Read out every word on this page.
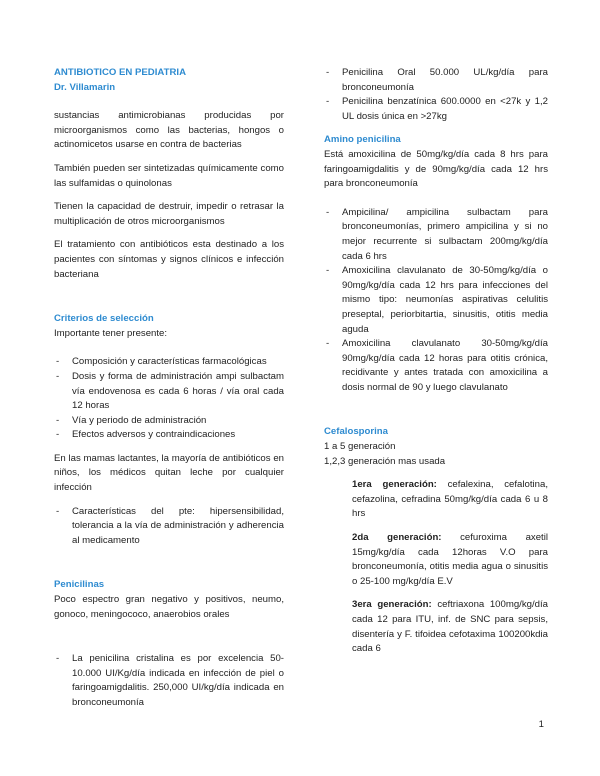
ANTIBIOTICO EN PEDIATRIA
Dr. Villamarin

sustancias antimicrobianas producidas por microorganismos como las bacterias, hongos o actinomicetos usarse en contra de bacterias

También pueden ser sintetizadas químicamente como las sulfamidas o quinolonas

Tienen la capacidad de destruir, impedir o retrasar la multiplicación de otros microorganismos

El tratamiento con antibióticos esta destinado a los pacientes con síntomas y signos clínicos e infección bacteriana

Criterios de selección

Importante tener presente:

- Composición y características farmacológicas
- Dosis y forma de administración ampi sulbactam vía endovenosa es cada 6 horas / vía oral cada 12 horas
- Vía y periodo de administración
- Efectos adversos y contraindicaciones

En las mamas lactantes, la mayoría de antibióticos en niños, los médicos quitan leche por cualquier infección

- Características del pte: hipersensibilidad, tolerancia a la vía de administración y adherencia al medicamento
Penicilinas

Poco espectro gran negativo y positivos, neumo, gonoco, meningococo, anaerobios orales

- La penicilina cristalina es por excelencia 50-10.000 UI/Kg/día indicada en infección de piel o faringoamigdalitis. 250,000 UI/kg/día indicada en bronconeumonía
- Penicilina Oral 50.000 UL/kg/día para bronconeumonía
- Penicilina benzatínica 600.0000 en <27k y 1,2 UL dosis única en >27kg
Amino penicilina

Está amoxicilina de 50mg/kg/día cada 8 hrs para faringoamigdalitis y de 90mg/kg/día cada 12 hrs para bronconeumonía

- Ampicilina/ ampicilina sulbactam para bronconeumonías, primero ampicilina y si no mejor recurrente si sulbactam 200mg/kg/día cada 6 hrs
- Amoxicilina clavulanato de 30-50mg/kg/día o 90mg/kg/día cada 12 hrs para infecciones del mismo tipo: neumonías aspirativas celulitis preseptal, periorbitartia, sinusitis, otitis media aguda
- Amoxicilina clavulanato 30-50mg/kg/día 90mg/kg/día cada 12 horas para otitis crónica, recidivante y antes tratada con amoxicilina a dosis normal de 90 y luego clavulanato
Cefalosporina

1 a 5 generación

1,2,3 generación mas usada

1era generación: cefalexina, cefalotina, cefazolina, cefradina 50mg/kg/día cada 6 u 8 hrs

2da generación: cefuroxima axetil 15mg/kg/día cada 12horas V.O para bronconeumonía, otitis media agua o sinusitis o 25-100 mg/kg/día E.V

3era generación: ceftriaxona 100mg/kg/día cada 12 para ITU, inf. de SNC para sepsis, disentería y F. tifoidea cefotaxima 100200kdia cada 6

1
